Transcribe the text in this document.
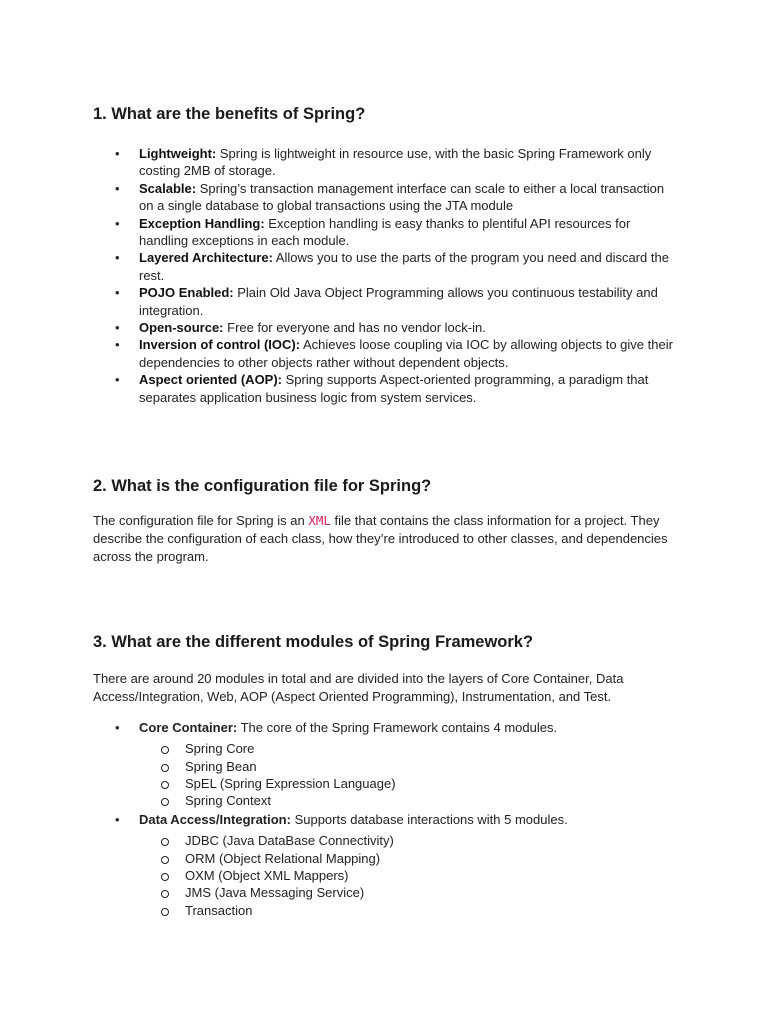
1. What are the benefits of Spring?
• Lightweight: Spring is lightweight in resource use, with the basic Spring Framework only costing 2MB of storage.
• Scalable: Spring’s transaction management interface can scale to either a local transaction on a single database to global transactions using the JTA module
• Exception Handling: Exception handling is easy thanks to plentiful API resources for handling exceptions in each module.
• Layered Architecture: Allows you to use the parts of the program you need and discard the rest.
• POJO Enabled: Plain Old Java Object Programming allows you continuous testability and integration.
• Open-source: Free for everyone and has no vendor lock-in.
• Inversion of control (IOC): Achieves loose coupling via IOC by allowing objects to give their dependencies to other objects rather without dependent objects.
• Aspect oriented (AOP): Spring supports Aspect-oriented programming, a paradigm that separates application business logic from system services.
2. What is the configuration file for Spring?

The configuration file for Spring is an XML file that contains the class information for a project. They describe the configuration of each class, how they’re introduced to other classes, and dependencies across the program.

3. What are the different modules of Spring Framework?

There are around 20 modules in total and are divided into the layers of Core Container, Data Access/Integration, Web, AOP (Aspect Oriented Programming), Instrumentation, and Test.

• Core Container: The core of the Spring Framework contains 4 modules.
Spring Core
Spring Bean
SpEL (Spring Expression Language)
Spring Context
• Data Access/Integration: Supports database interactions with 5 modules.
JDBC (Java DataBase Connectivity)
ORM (Object Relational Mapping)
OXM (Object XML Mappers)
JMS (Java Messaging Service)
Transaction
